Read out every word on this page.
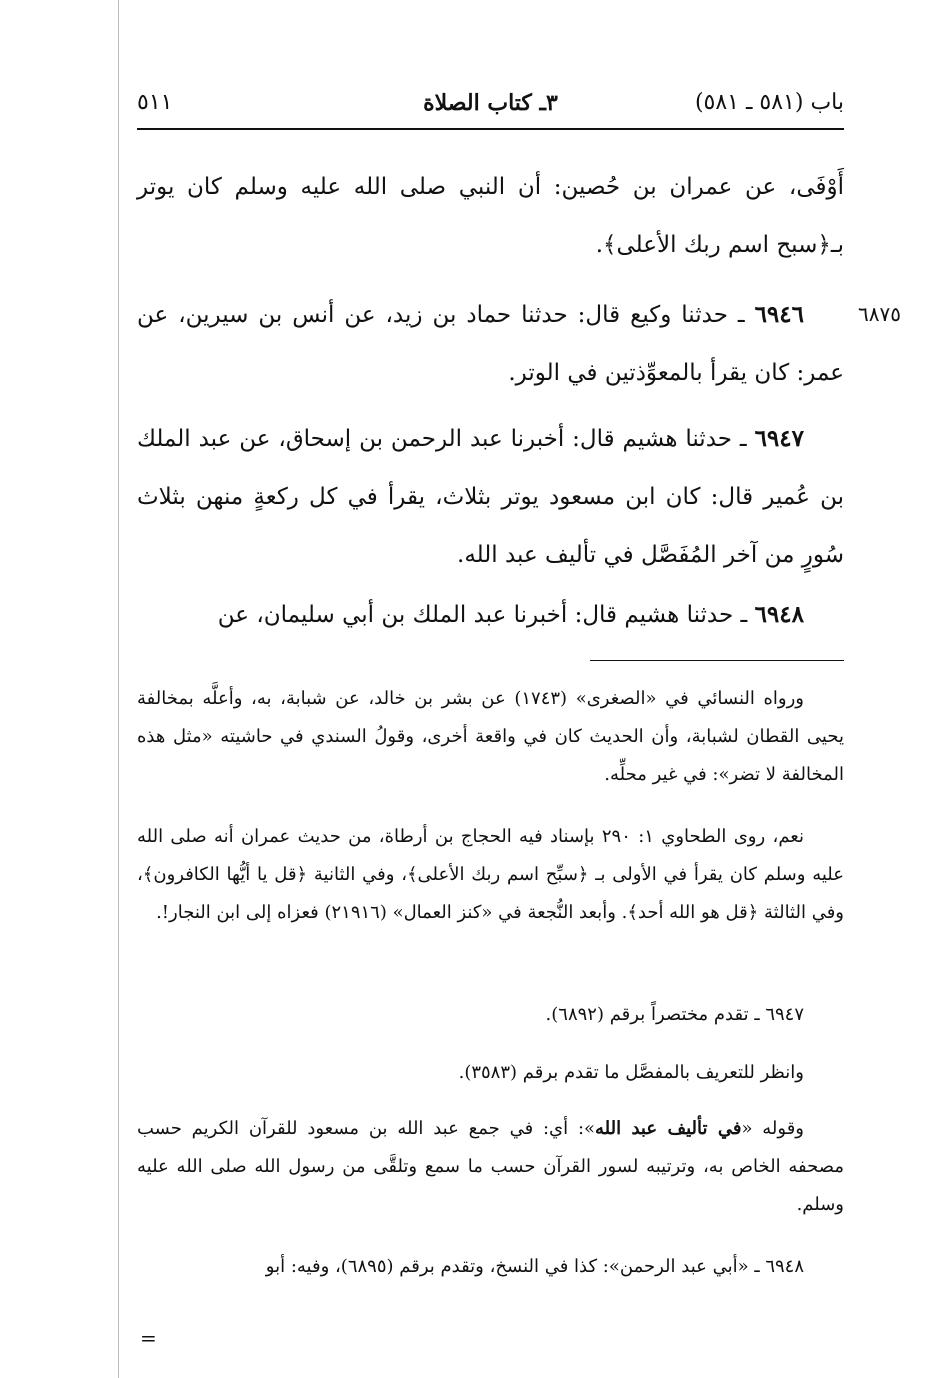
باب (٥٨١ ـ ٥٨١)
٣ـ كتاب الصلاة
٥١١
أَوْفَى، عن عمران بن حُصين: أن النبي صلى الله عليه وسلم كان يوتر بـ﴿سبح اسم ربك الأعلى﴾.
٦٨٧٥
٦٩٤٦ ـ حدثنا وكيع قال: حدثنا حماد بن زيد، عن أنس بن سيرين، عن عمر: كان يقرأ بالمعوِّذتين في الوتر.
٦٩٤٧ ـ حدثنا هشيم قال: أخبرنا عبد الرحمن بن إسحاق، عن عبد الملك بن عُمير قال: كان ابن مسعود يوتر بثلاث، يقرأ في كل ركعةٍ منهن بثلاث سُورٍ من آخر المُفَصَّل في تأليف عبد الله.
٦٩٤٨ ـ حدثنا هشيم قال: أخبرنا عبد الملك بن أبي سليمان، عن
ورواه النسائي في «الصغرى» (١٧٤٣) عن بشر بن خالد، عن شبابة، به، وأعلَّه بمخالفة يحيى القطان لشبابة، وأن الحديث كان في واقعة أخرى، وقولُ السندي في حاشيته «مثل هذه المخالفة لا تضر»: في غير محلِّه.
نعم، روى الطحاوي ١: ٢٩٠ بإسناد فيه الحجاج بن أرطاة، من حديث عمران أنه صلى الله عليه وسلم كان يقرأ في الأولى بـ ﴿سبِّح اسم ربك الأعلى﴾، وفي الثانية ﴿قل يا أيُّها الكافرون﴾، وفي الثالثة ﴿قل هو الله أحد﴾. وأبعد النُّجعة في «كنز العمال» (٢١٩١٦) فعزاه إلى ابن النجار!.
٦٩٤٧ ـ تقدم مختصراً برقم (٦٨٩٢).
وانظر للتعريف بالمفصَّل ما تقدم برقم (٣٥٨٣).
وقوله «في تأليف عبد الله»: أي: في جمع عبد الله بن مسعود للقرآن الكريم حسب مصحفه الخاص به، وترتيبه لسور القرآن حسب ما سمع وتلقَّى من رسول الله صلى الله عليه وسلم.
٦٩٤٨ ـ «أبي عبد الرحمن»: كذا في النسخ، وتقدم برقم (٦٨٩٥)، وفيه: أبو
=
